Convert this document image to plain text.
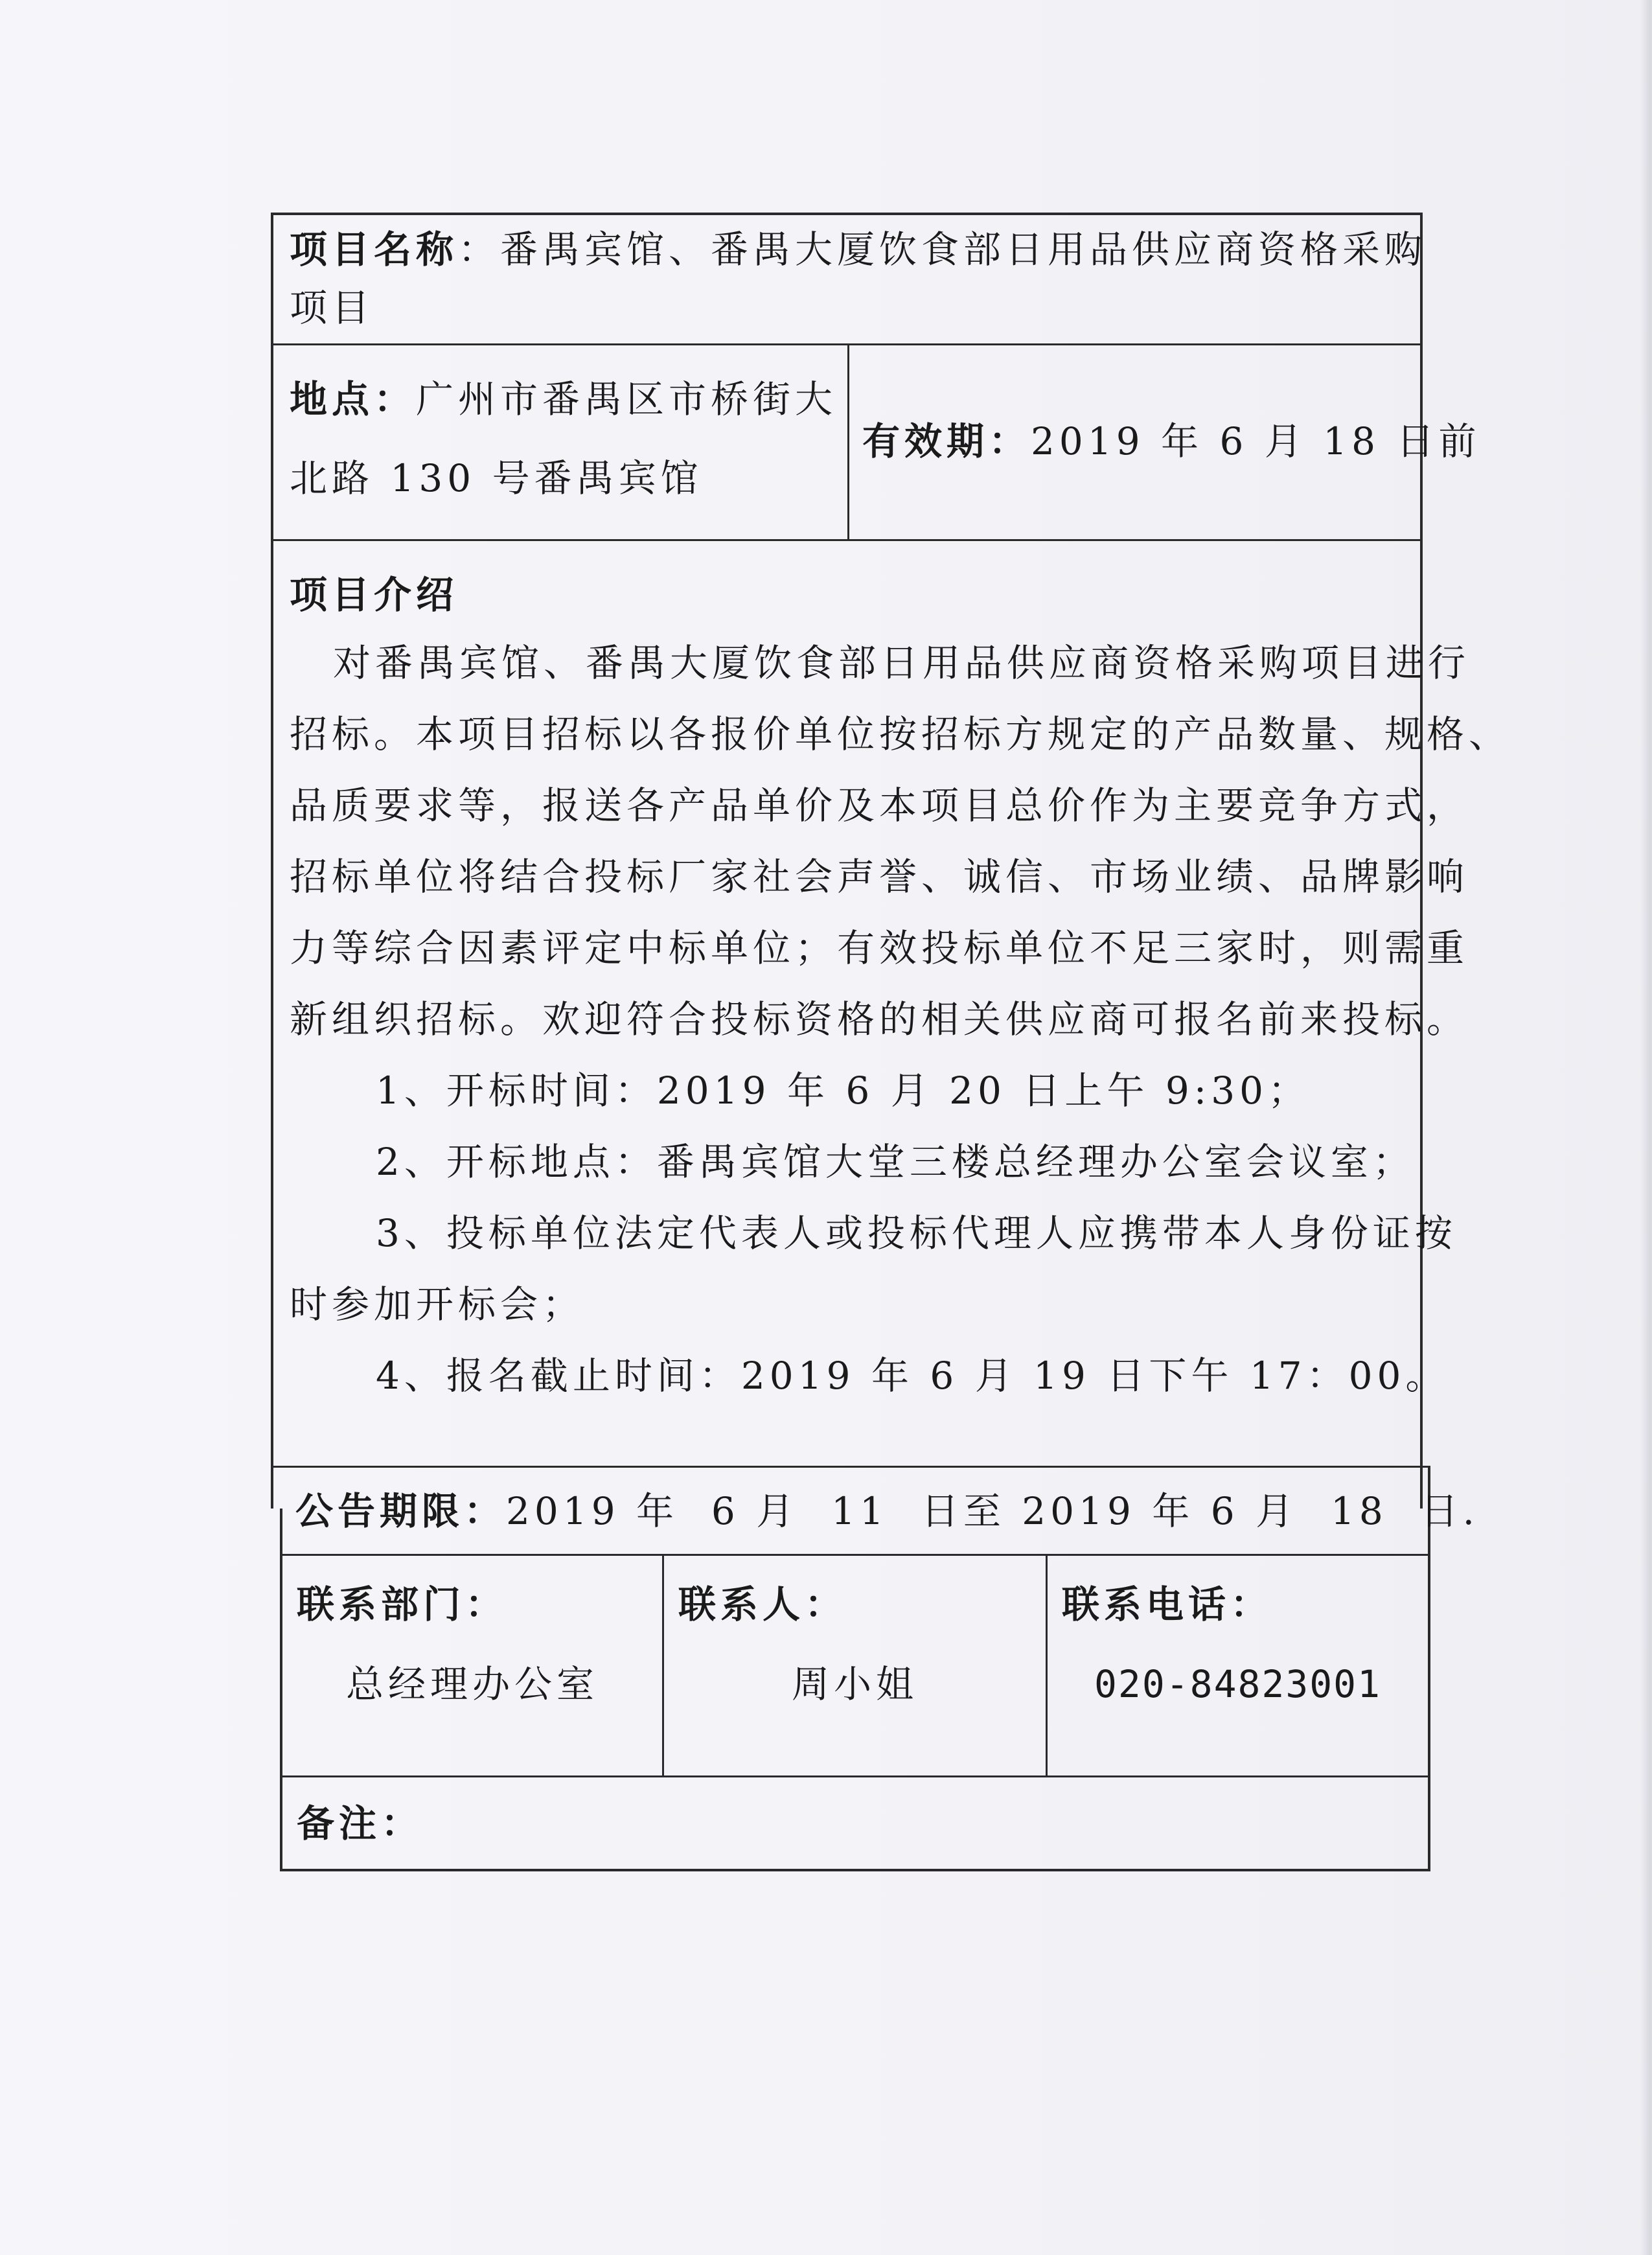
项目名称：番禺宾馆、番禺大厦饮食部日用品供应商资格采购
项目
地点：广州市番禺区市桥街大
北路 130 号番禺宾馆
有效期：2019 年 6 月 18 日前
项目介绍
对番禺宾馆、番禺大厦饮食部日用品供应商资格采购项目进行
招标。本项目招标以各报价单位按招标方规定的产品数量、规格、
品质要求等，报送各产品单价及本项目总价作为主要竞争方式，
招标单位将结合投标厂家社会声誉、诚信、市场业绩、品牌影响
力等综合因素评定中标单位；有效投标单位不足三家时，则需重
新组织招标。欢迎符合投标资格的相关供应商可报名前来投标。
1、开标时间：2019 年 6 月 20 日上午 9:30；
2、开标地点：番禺宾馆大堂三楼总经理办公室会议室；
3、投标单位法定代表人或投标代理人应携带本人身份证按
时参加开标会；
4、报名截止时间：2019 年 6 月 19 日下午 17：00。
公告期限：2019 年  6 月  11  日至 2019 年 6 月  18  日.
联系部门：
总经理办公室
联系人：
周小姐
联系电话：
020-84823001
备注：
